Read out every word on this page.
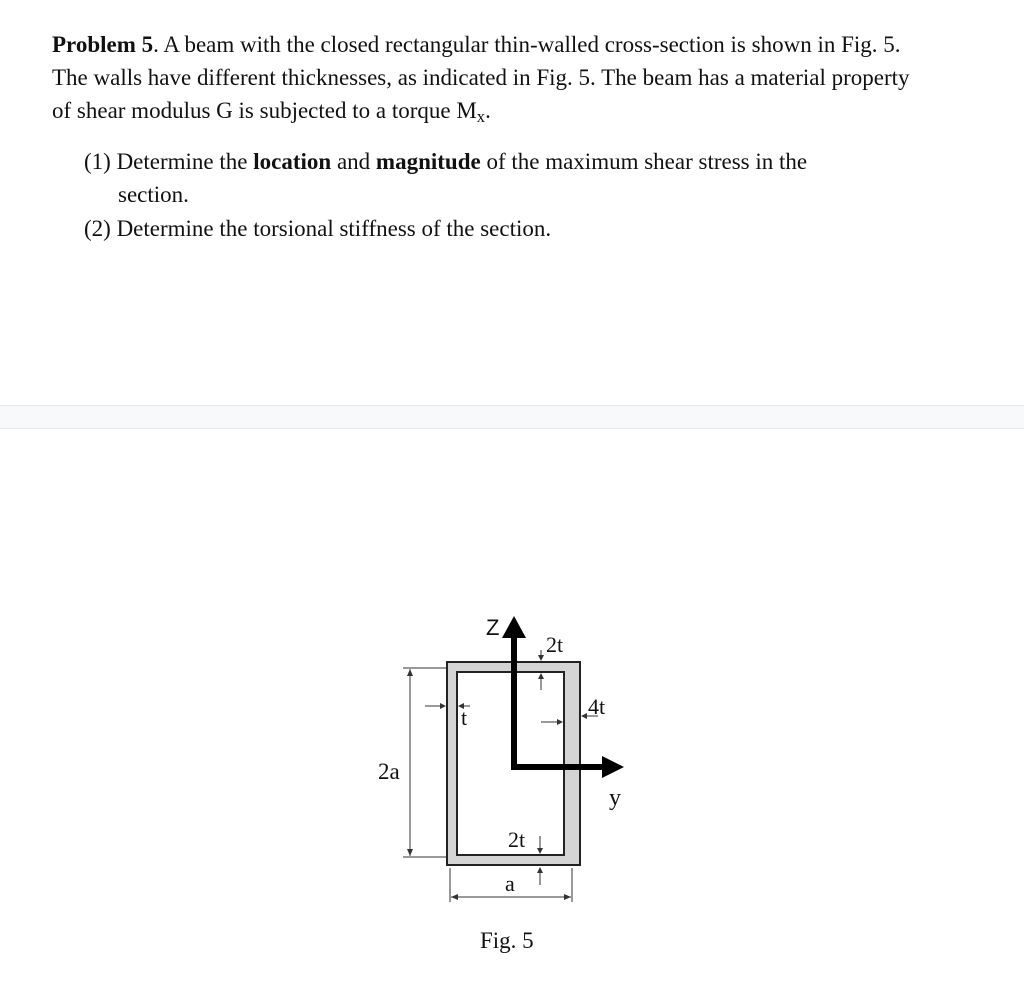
Problem 5. A beam with the closed rectangular thin-walled cross-section is shown in Fig. 5. The walls have different thicknesses, as indicated in Fig. 5. The beam has a material property of shear modulus G is subjected to a torque $M_x$.
(1) Determine the location and magnitude of the maximum shear stress in the
section.
(2) Determine the torsional stiffness of the section.
Z
y
2t
t	4t
2t
2a
a
Fig. 5
